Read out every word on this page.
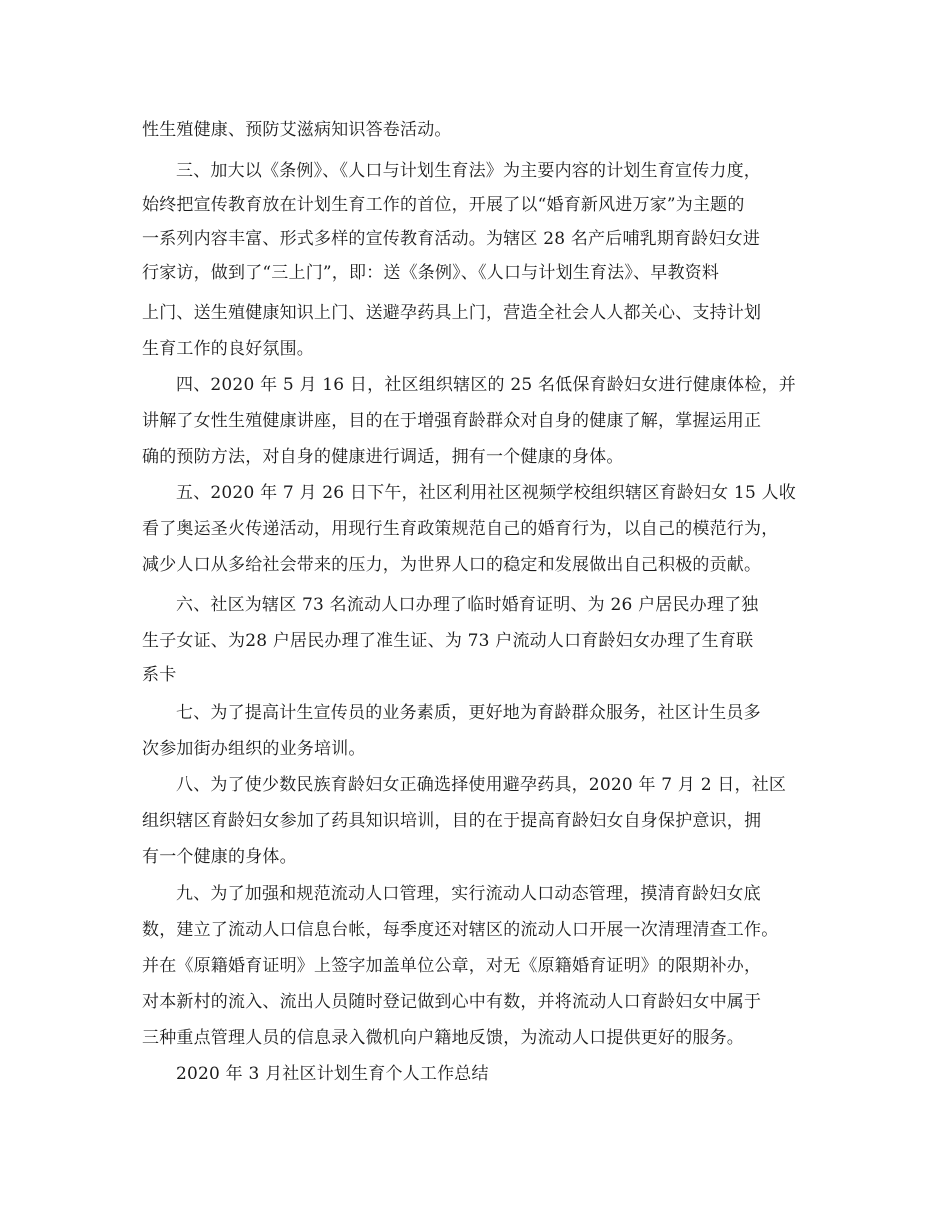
性生殖健康、预防艾滋病知识答卷活动。
三、加大以《条例》、《人口与计划生育法》为主要内容的计划生育宣传力度，
始终把宣传教育放在计划生育工作的首位，开展了以“婚育新风进万家”为主题的
一系列内容丰富、形式多样的宣传教育活动。为辖区 28 名产后哺乳期育龄妇女进
行家访，做到了“三上门”，即：送《条例》、《人口与计划生育法》、早教资料
上门、送生殖健康知识上门、送避孕药具上门，营造全社会人人都关心、支持计划
生育工作的良好氛围。
四、2020 年 5 月 16 日，社区组织辖区的 25 名低保育龄妇女进行健康体检，并
讲解了女性生殖健康讲座，目的在于增强育龄群众对自身的健康了解，掌握运用正
确的预防方法，对自身的健康进行调适，拥有一个健康的身体。
五、2020 年 7 月 26 日下午，社区利用社区视频学校组织辖区育龄妇女 15 人收
看了奥运圣火传递活动，用现行生育政策规范自己的婚育行为，以自己的模范行为，
减少人口从多给社会带来的压力，为世界人口的稳定和发展做出自己积极的贡献。
六、社区为辖区 73 名流动人口办理了临时婚育证明、为 26 户居民办理了独
生子女证、为28 户居民办理了准生证、为 73 户流动人口育龄妇女办理了生育联
系卡
七、为了提高计生宣传员的业务素质，更好地为育龄群众服务，社区计生员多
次参加街办组织的业务培训。
八、为了使少数民族育龄妇女正确选择使用避孕药具，2020 年 7 月 2 日，社区
组织辖区育龄妇女参加了药具知识培训，目的在于提高育龄妇女自身保护意识，拥
有一个健康的身体。
九、为了加强和规范流动人口管理，实行流动人口动态管理，摸清育龄妇女底
数，建立了流动人口信息台帐，每季度还对辖区的流动人口开展一次清理清查工作。
并在《原籍婚育证明》上签字加盖单位公章，对无《原籍婚育证明》的限期补办，
对本新村的流入、流出人员随时登记做到心中有数，并将流动人口育龄妇女中属于
三种重点管理人员的信息录入微机向户籍地反馈，为流动人口提供更好的服务。
2020 年 3 月社区计划生育个人工作总结
